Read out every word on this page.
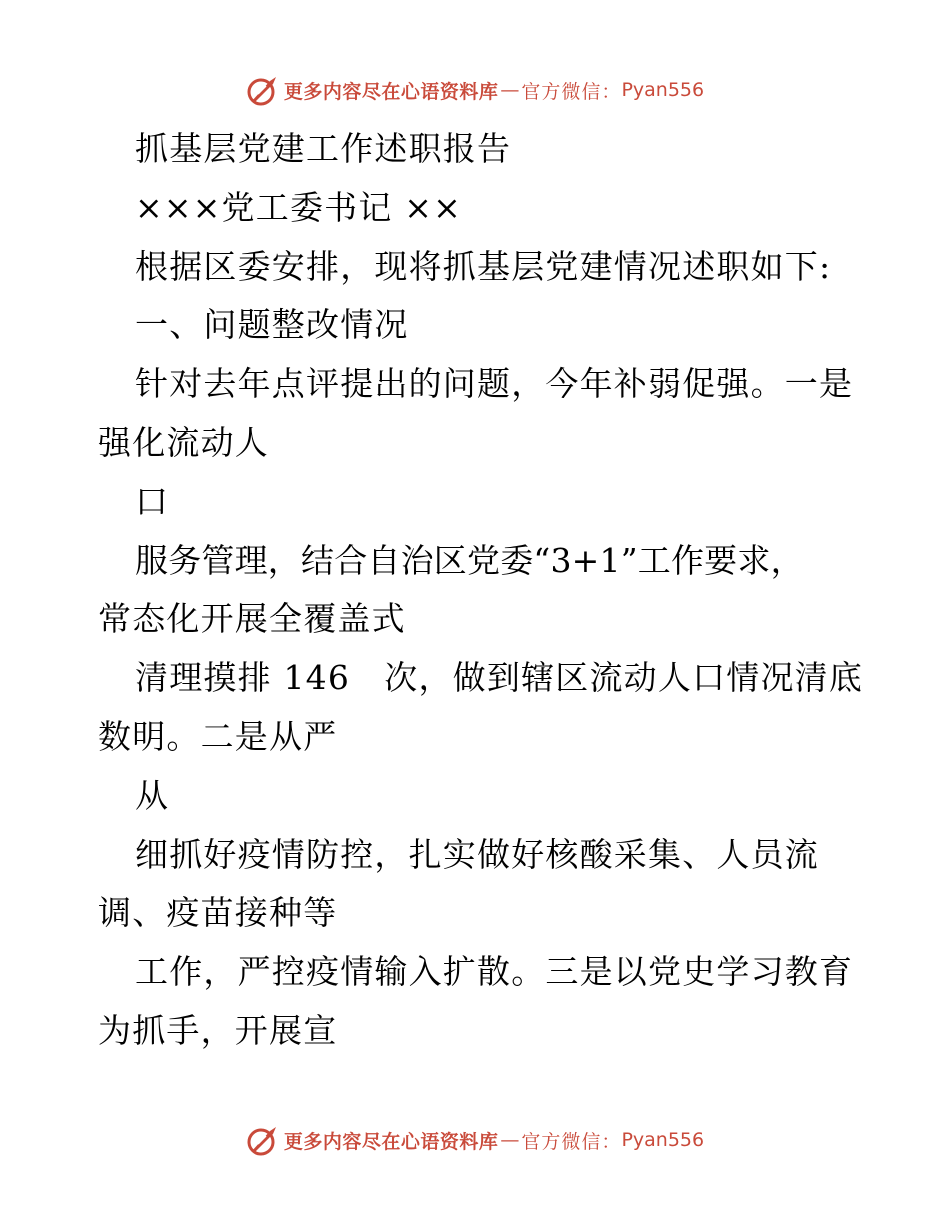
更多内容尽在心语资料库 — 官方微信： Pyan556
抓基层党建工作述职报告
×××党工委书记 ××
根据区委安排，现将抓基层党建情况述职如下:
一、问题整改情况
针对去年点评提出的问题，今年补弱促强。一是
强化流动人
口
服务管理，结合自治区党委“3+1”工作要求，
常态化开展全覆盖式
清理摸排 146　次，做到辖区流动人口情况清底
数明。二是从严
从
细抓好疫情防控，扎实做好核酸采集、人员流
调、疫苗接种等
工作，严控疫情输入扩散。三是以党史学习教育
为抓手，开展宣
更多内容尽在心语资料库 — 官方微信： Pyan556
